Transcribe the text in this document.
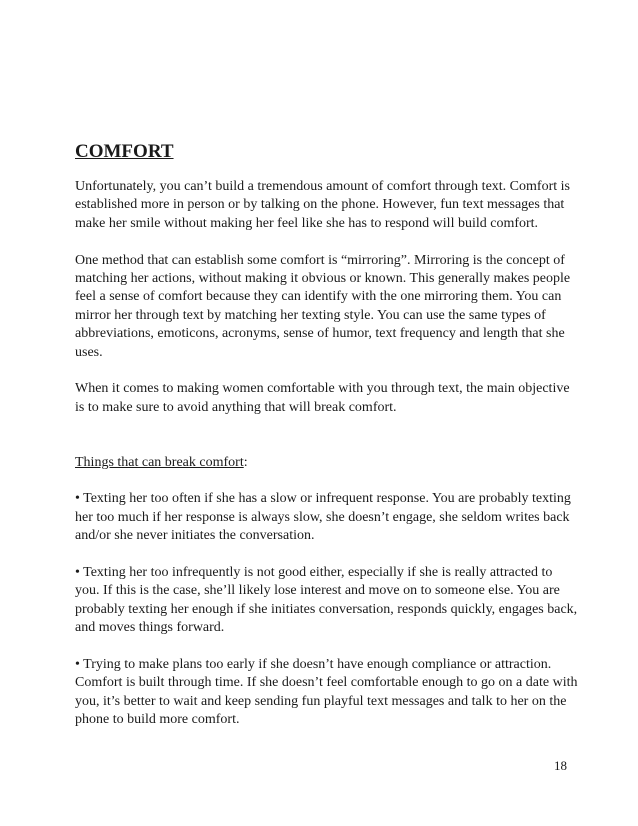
COMFORT

Unfortunately, you can’t build a tremendous amount of comfort through text. Comfort is established more in person or by talking on the phone. However, fun text messages that make her smile without making her feel like she has to respond will build comfort.

One method that can establish some comfort is “mirroring”. Mirroring is the concept of matching her actions, without making it obvious or known. This generally makes people feel a sense of comfort because they can identify with the one mirroring them. You can mirror her through text by matching her texting style. You can use the same types of abbreviations, emoticons, acronyms, sense of humor, text frequency and length that she uses.

When it comes to making women comfortable with you through text, the main objective is to make sure to avoid anything that will break comfort.

Things that can break comfort:

• Texting her too often if she has a slow or infrequent response. You are probably texting her too much if her response is always slow, she doesn’t engage, she seldom writes back and/or she never initiates the conversation.

• Texting her too infrequently is not good either, especially if she is really attracted to you. If this is the case, she’ll likely lose interest and move on to someone else. You are probably texting her enough if she initiates conversation, responds quickly, engages back, and moves things forward.

• Trying to make plans too early if she doesn’t have enough compliance or attraction. Comfort is built through time. If she doesn’t feel comfortable enough to go on a date with you, it’s better to wait and keep sending fun playful text messages and talk to her on the phone to build more comfort.

18
